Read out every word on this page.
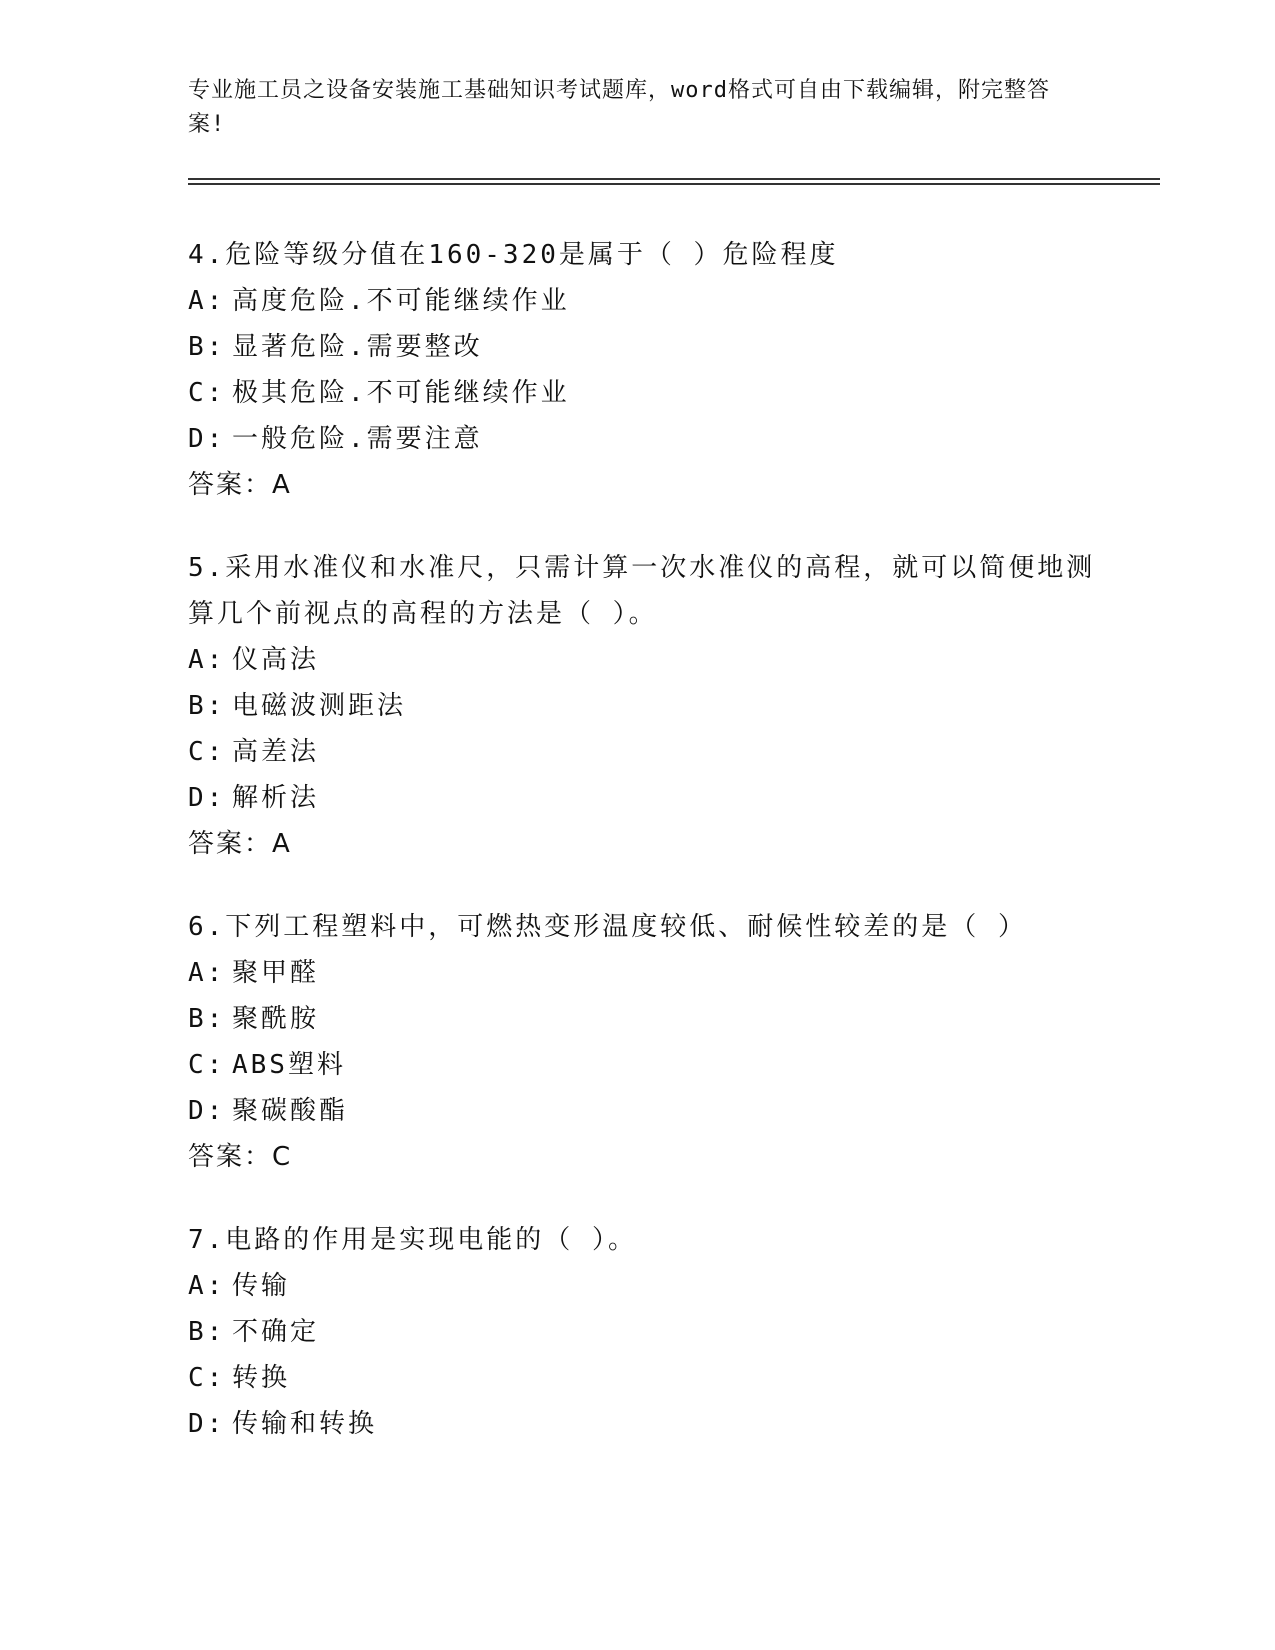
专业施工员之设备安装施工基础知识考试题库，word格式可自由下载编辑，附完整答案!

4.危险等级分值在160-320是属于（ ）危险程度

A: 高度危险.不可能继续作业

B: 显著危险.需要整改

C: 极其危险.不可能继续作业

D: 一般危险.需要注意

答案：A

5.采用水准仪和水准尺，只需计算一次水准仪的高程，就可以简便地测算几个前视点的高程的方法是（ ）。

A: 仪高法

B: 电磁波测距法

C: 高差法

D: 解析法

答案：A

6.下列工程塑料中，可燃热变形温度较低、耐候性较差的是（ ）

A: 聚甲醛

B: 聚酰胺

C: ABS塑料

D: 聚碳酸酯

答案：C

7.电路的作用是实现电能的（ ）。

A: 传输

B: 不确定

C: 转换

D: 传输和转换
